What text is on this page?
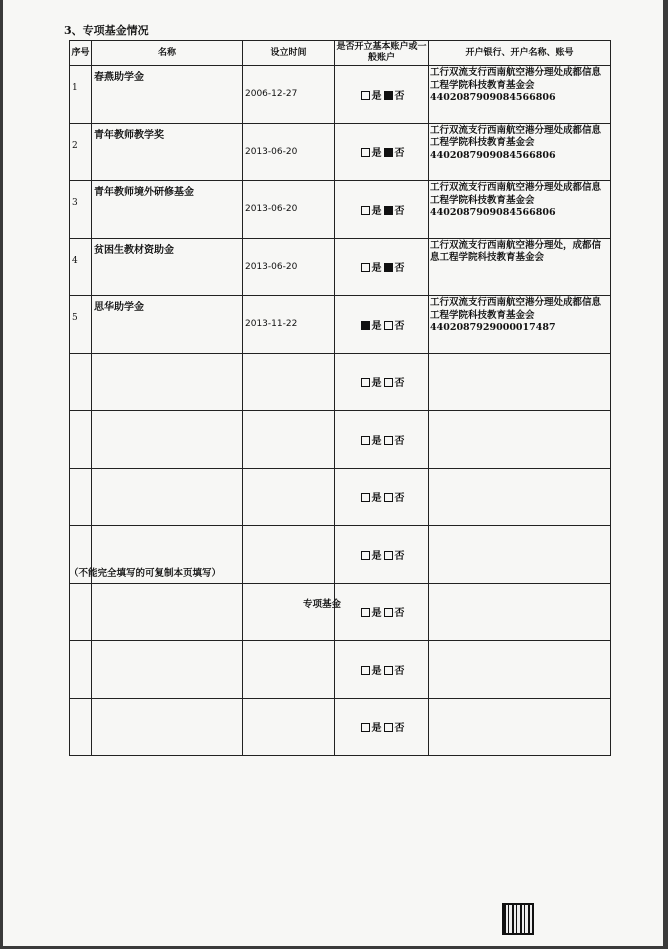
3、专项基金情况
序号	名称	设立时间	是否开立基本账户或一般账户	开户银行、开户名称、账号
1	春燕助学金	2006-12-27	是 否	工行双流支行西南航空港分理处成都信息工程学院科技教育基金会4402087909084566806
2	青年教师教学奖	2013-06-20	是 否	工行双流支行西南航空港分理处成都信息工程学院科技教育基金会4402087909084566806
3	青年教师境外研修基金	2013-06-20	是 否	工行双流支行西南航空港分理处成都信息工程学院科技教育基金会4402087909084566806
4	贫困生教材资助金	2013-06-20	是 否	工行双流支行西南航空港分理处，成都信息工程学院科技教育基金会
5	思华助学金	2013-11-22	是 否	工行双流支行西南航空港分理处成都信息工程学院科技教育基金会4402087929000017487
			是 否	
			是 否	
			是 否	
			是 否	
			是 否	
			是 否	
			是 否	
（不能完全填写的可复制本页填写）
专项基金
